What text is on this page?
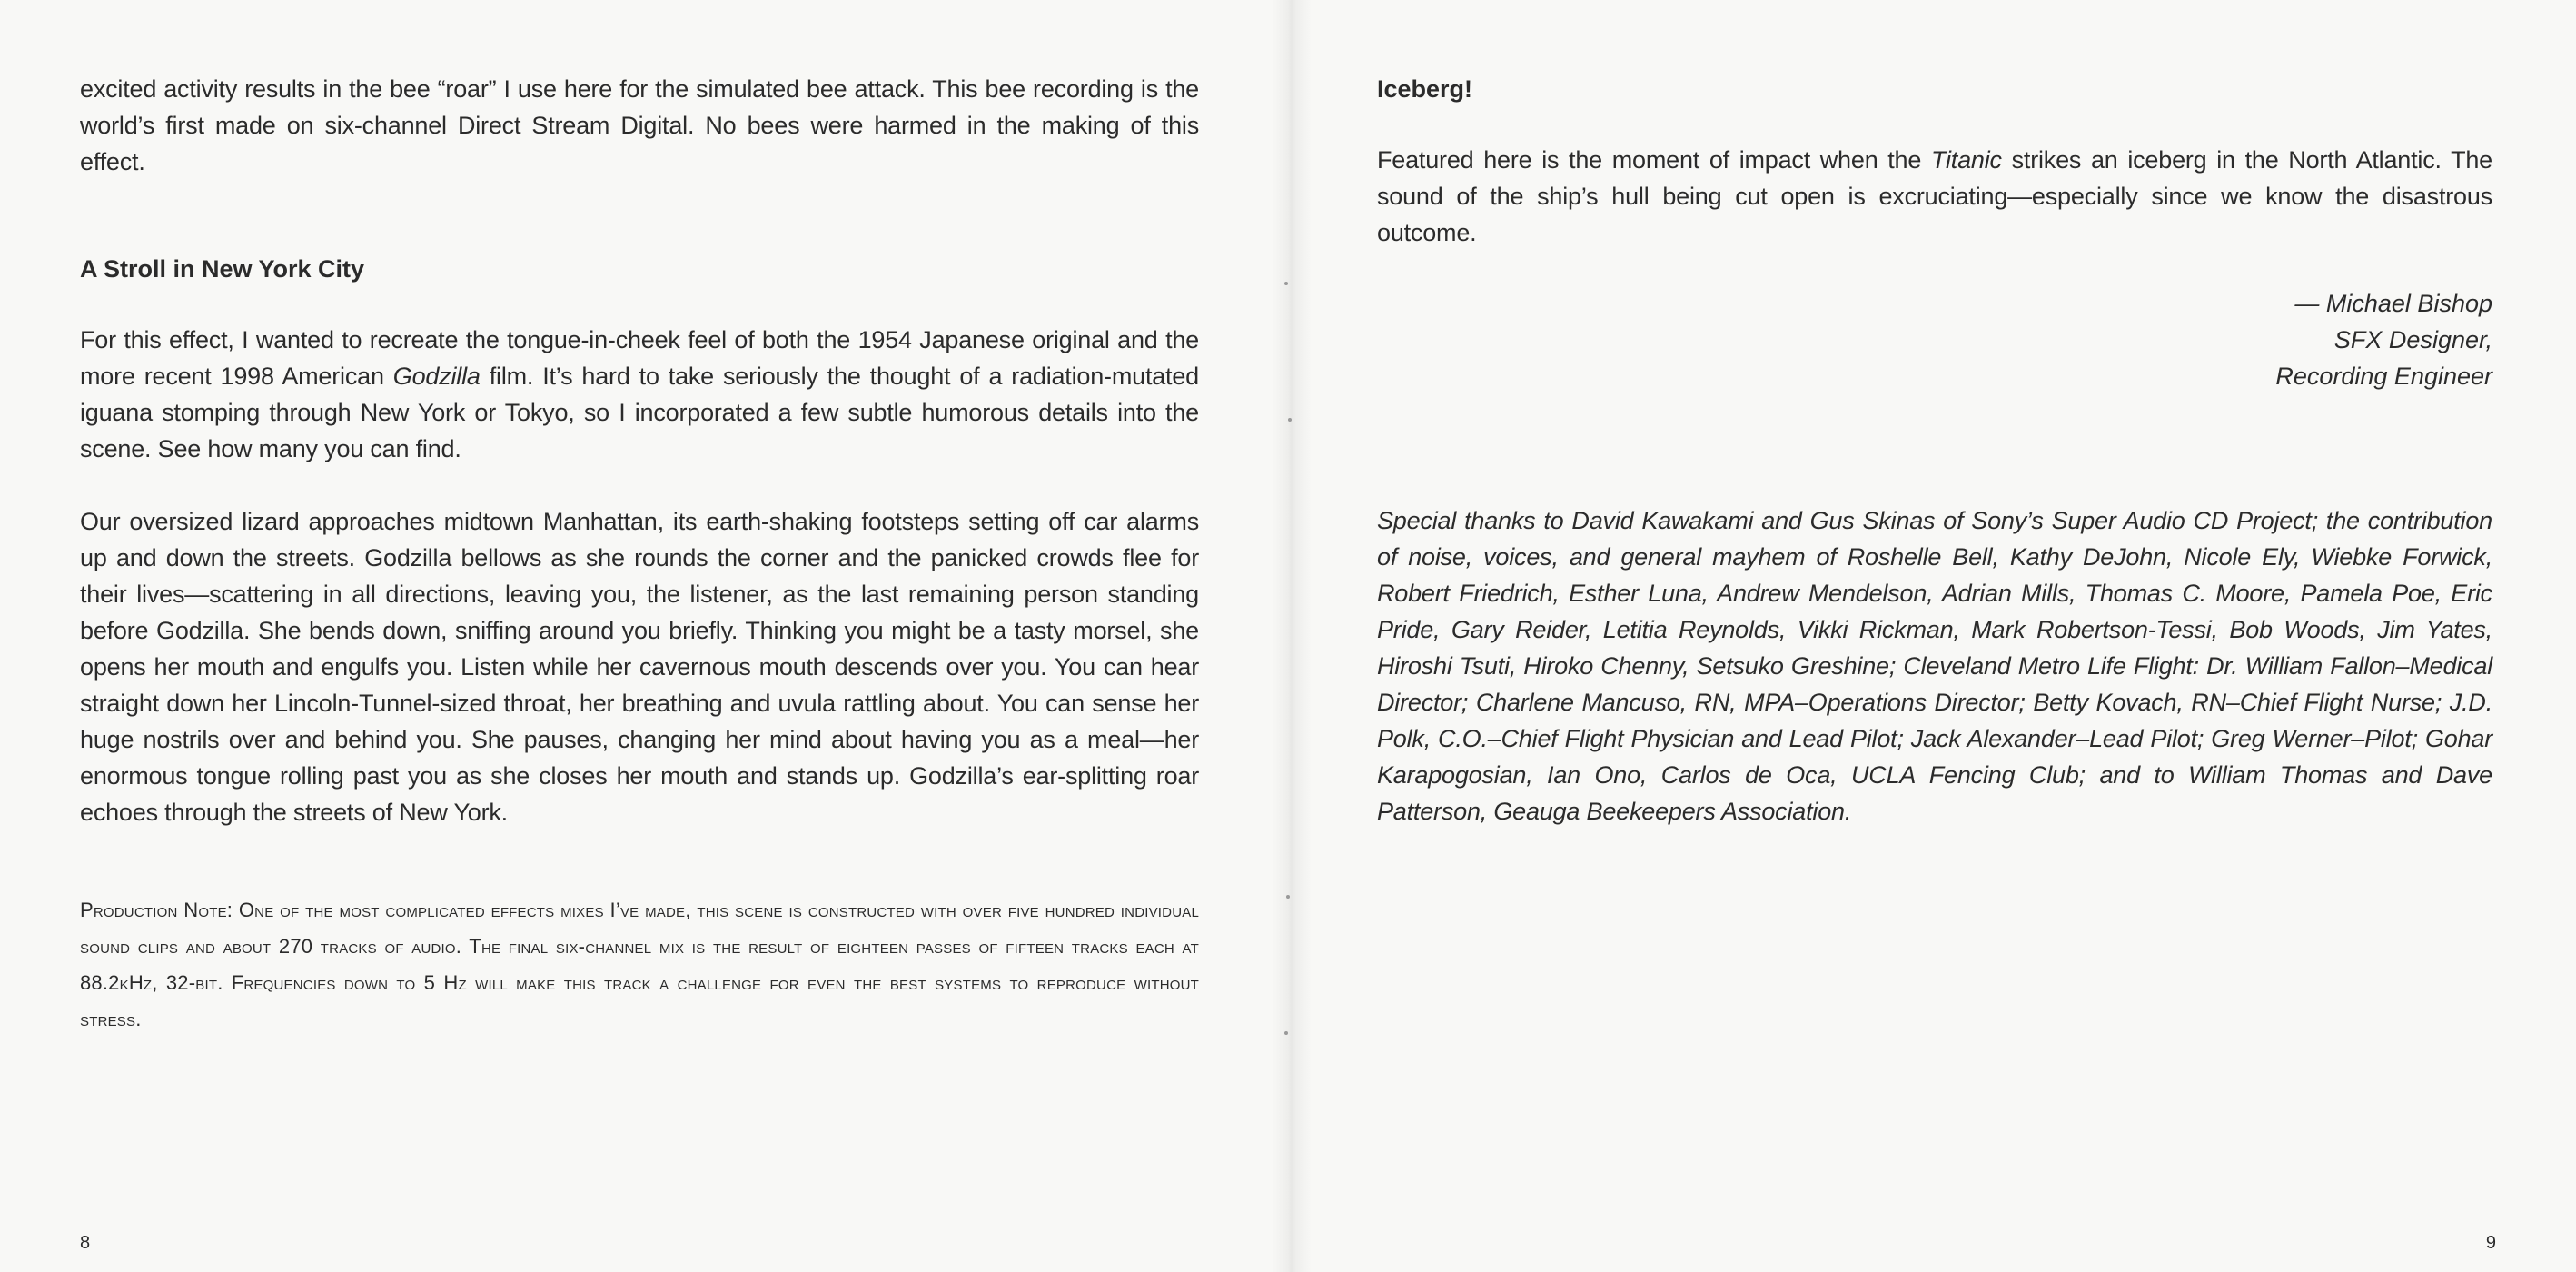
excited activity results in the bee “roar” I use here for the simulated bee attack. This bee recording is the world’s first made on six-channel Direct Stream Digital. No bees were harmed in the making of this effect.

A Stroll in New York City

For this effect, I wanted to recreate the tongue-in-cheek feel of both the 1954 Japanese original and the more recent 1998 American Godzilla film. It’s hard to take seriously the thought of a radiation-mutated iguana stomping through New York or Tokyo, so I incorporated a few subtle humorous details into the scene. See how many you can find.

Our oversized lizard approaches midtown Manhattan, its earth-shaking footsteps setting off car alarms up and down the streets. Godzilla bellows as she rounds the corner and the panicked crowds flee for their lives—scattering in all directions, leaving you, the listener, as the last remaining person standing before Godzilla. She bends down, sniffing around you briefly. Thinking you might be a tasty morsel, she opens her mouth and engulfs you. Listen while her cavernous mouth descends over you. You can hear straight down her Lincoln-Tunnel-sized throat, her breathing and uvula rattling about. You can sense her huge nostrils over and behind you. She pauses, changing her mind about having you as a meal—her enormous tongue rolling past you as she closes her mouth and stands up. Godzilla’s ear-splitting roar echoes through the streets of New York.

Production Note: One of the most complicated effects mixes I’ve made, this scene is constructed with over five hundred individual sound clips and about 270 tracks of audio. The final six-channel mix is the result of eighteen passes of fifteen tracks each at 88.2kHz, 32-bit. Frequencies down to 5 Hz will make this track a challenge for even the best systems to reproduce without stress.

8
Iceberg!

Featured here is the moment of impact when the Titanic strikes an iceberg in the North Atlantic. The sound of the ship’s hull being cut open is excruciating—especially since we know the disastrous outcome.

— Michael Bishop
SFX Designer,
Recording Engineer

Special thanks to David Kawakami and Gus Skinas of Sony’s Super Audio CD Project; the contribution of noise, voices, and general mayhem of Roshelle Bell, Kathy DeJohn, Nicole Ely, Wiebke Forwick, Robert Friedrich, Esther Luna, Andrew Mendelson, Adrian Mills, Thomas C. Moore, Pamela Poe, Eric Pride, Gary Reider, Letitia Reynolds, Vikki Rickman, Mark Robertson-Tessi, Bob Woods, Jim Yates, Hiroshi Tsuti, Hiroko Chenny, Setsuko Greshine; Cleveland Metro Life Flight: Dr. William Fallon–Medical Director; Charlene Mancuso, RN, MPA–Operations Director; Betty Kovach, RN–Chief Flight Nurse; J.D. Polk, C.O.–Chief Flight Physician and Lead Pilot; Jack Alexander–Lead Pilot; Greg Werner–Pilot; Gohar Karapogosian, Ian Ono, Carlos de Oca, UCLA Fencing Club; and to William Thomas and Dave Patterson, Geauga Beekeepers Association.

9
